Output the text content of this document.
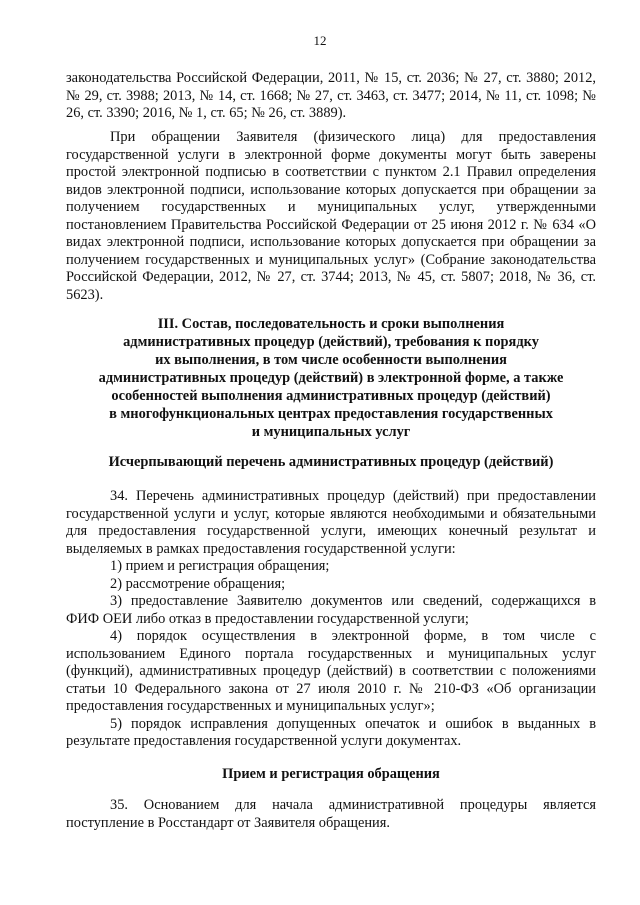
12

законодательства Российской Федерации, 2011, № 15, ст. 2036; № 27, ст. 3880; 2012, № 29, ст. 3988; 2013, № 14, ст. 1668; № 27, ст. 3463, ст. 3477; 2014, № 11, ст. 1098; № 26, ст. 3390; 2016, № 1, ст. 65; № 26, ст. 3889).

При обращении Заявителя (физического лица) для предоставления государственной услуги в электронной форме документы могут быть заверены простой электронной подписью в соответствии с пунктом 2.1 Правил определения видов электронной подписи, использование которых допускается при обращении за получением государственных и муниципальных услуг, утвержденными постановлением Правительства Российской Федерации от 25 июня 2012 г. № 634 «О видах электронной подписи, использование которых допускается при обращении за получением государственных и муниципальных услуг» (Собрание законодательства Российской Федерации, 2012, № 27, ст. 3744; 2013, № 45, ст. 5807; 2018, № 36, ст. 5623).

III. Состав, последовательность и сроки выполнения
административных процедур (действий), требования к порядку
их выполнения, в том числе особенности выполнения
административных процедур (действий) в электронной форме, а также
особенностей выполнения административных процедур (действий)
в многофункциональных центрах предоставления государственных
и муниципальных услуг
Исчерпывающий перечень административных процедур (действий)

34. Перечень административных процедур (действий) при предоставлении государственной услуги и услуг, которые являются необходимыми и обязательными для предоставления государственной услуги, имеющих конечный результат и выделяемых в рамках предоставления государственной услуги:

1) прием и регистрация обращения;

2) рассмотрение обращения;

3) предоставление Заявителю документов или сведений, содержащихся в ФИФ ОЕИ либо отказ в предоставлении государственной услуги;

4) порядок осуществления в электронной форме, в том числе с использованием Единого портала государственных и муниципальных услуг (функций), административных процедур (действий) в соответствии с положениями статьи 10 Федерального закона от 27 июля 2010 г. № 210-ФЗ «Об организации предоставления государственных и муниципальных услуг»;

5) порядок исправления допущенных опечаток и ошибок в выданных в результате предоставления государственной услуги документах.

Прием и регистрация обращения

35. Основанием для начала административной процедуры является поступление в Росстандарт от Заявителя обращения.
